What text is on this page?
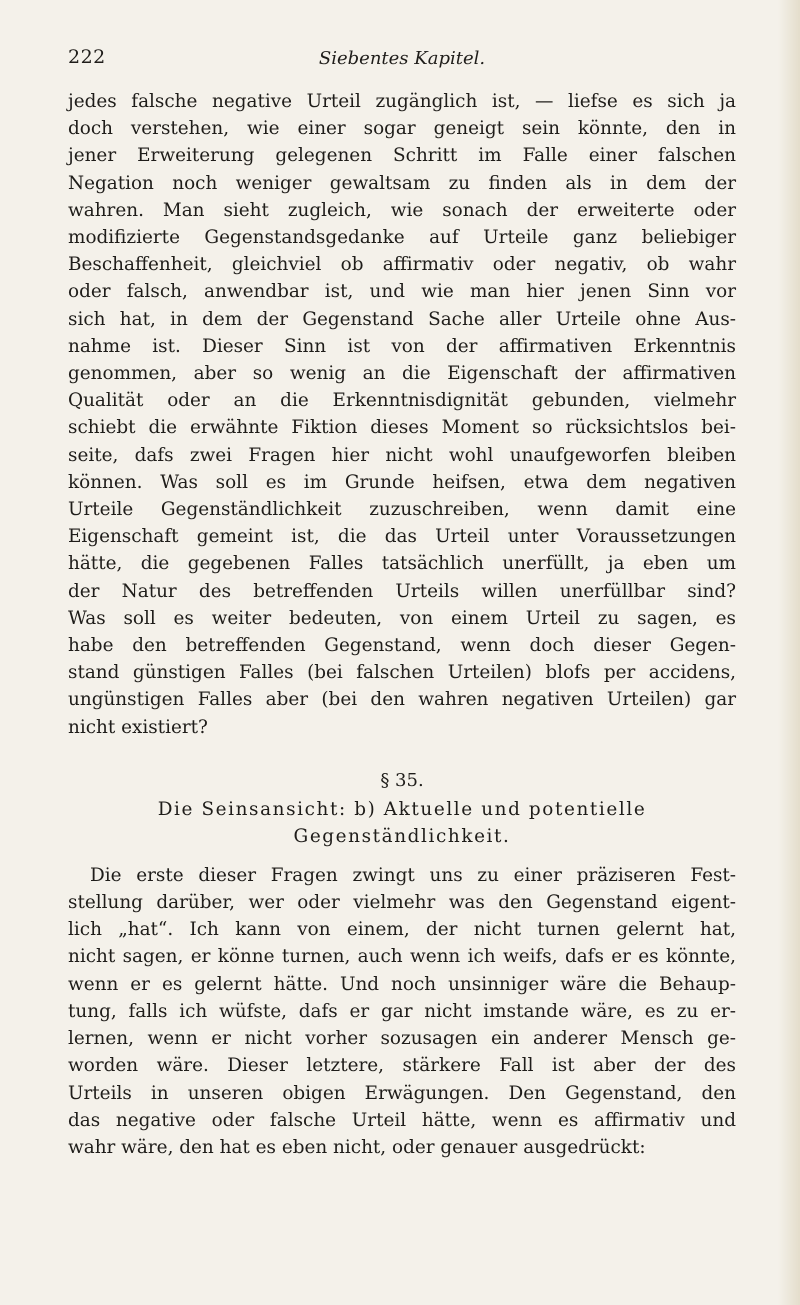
222	Siebentes Kapitel.

jedes falsche negative Urteil zugänglich ist, — liefse es sich ja
doch verstehen, wie einer sogar geneigt sein könnte, den in
jener Erweiterung gelegenen Schritt im Falle einer falschen
Negation noch weniger gewaltsam zu finden als in dem der
wahren. Man sieht zugleich, wie sonach der erweiterte oder
modifizierte Gegenstandsgedanke auf Urteile ganz beliebiger
Beschaffenheit, gleichviel ob affirmativ oder negativ, ob wahr
oder falsch, anwendbar ist, und wie man hier jenen Sinn vor
sich hat, in dem der Gegenstand Sache aller Urteile ohne Aus-
nahme ist. Dieser Sinn ist von der affirmativen Erkenntnis
genommen, aber so wenig an die Eigenschaft der affirmativen
Qualität oder an die Erkenntnisdignität gebunden, vielmehr
schiebt die erwähnte Fiktion dieses Moment so rücksichtslos bei-
seite, dafs zwei Fragen hier nicht wohl unaufgeworfen bleiben
können. Was soll es im Grunde heifsen, etwa dem negativen
Urteile Gegenständlichkeit zuzuschreiben, wenn damit eine
Eigenschaft gemeint ist, die das Urteil unter Voraussetzungen
hätte, die gegebenen Falles tatsächlich unerfüllt, ja eben um
der Natur des betreffenden Urteils willen unerfüllbar sind?
Was soll es weiter bedeuten, von einem Urteil zu sagen, es
habe den betreffenden Gegenstand, wenn doch dieser Gegen-
stand günstigen Falles (bei falschen Urteilen) blofs per accidens,
ungünstigen Falles aber (bei den wahren negativen Urteilen) gar
nicht existiert?

§ 35.
Die Seinsansicht: b) Aktuelle und potentielle
Gegenständlichkeit.

Die erste dieser Fragen zwingt uns zu einer präziseren Fest-
stellung darüber, wer oder vielmehr was den Gegenstand eigent-
lich „hat“. Ich kann von einem, der nicht turnen gelernt hat,
nicht sagen, er könne turnen, auch wenn ich weifs, dafs er es könnte,
wenn er es gelernt hätte. Und noch unsinniger wäre die Behaup-
tung, falls ich wüfste, dafs er gar nicht imstande wäre, es zu er-
lernen, wenn er nicht vorher sozusagen ein anderer Mensch ge-
worden wäre. Dieser letztere, stärkere Fall ist aber der des
Urteils in unseren obigen Erwägungen. Den Gegenstand, den
das negative oder falsche Urteil hätte, wenn es affirmativ und
wahr wäre, den hat es eben nicht, oder genauer ausgedrückt:
